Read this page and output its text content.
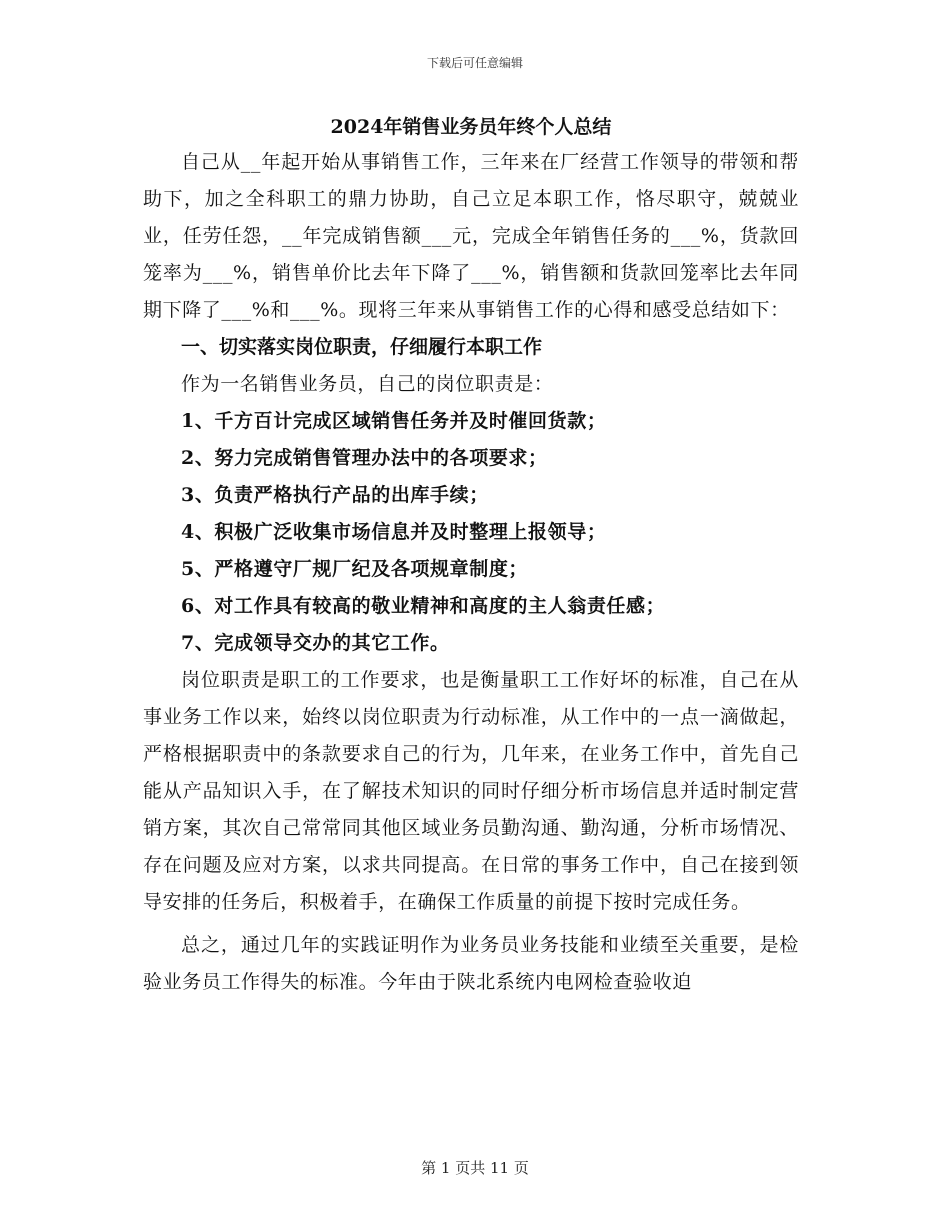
下载后可任意编辑
2024年销售业务员年终个人总结

自己从__年起开始从事销售工作，三年来在厂经营工作领导的带领和帮助下，加之全科职工的鼎力协助，自己立足本职工作，恪尽职守，兢兢业业，任劳任怨，__年完成销售额___元，完成全年销售任务的___%，货款回笼率为___%，销售单价比去年下降了___%，销售额和货款回笼率比去年同期下降了___%和___%。现将三年来从事销售工作的心得和感受总结如下：

一、切实落实岗位职责，仔细履行本职工作

作为一名销售业务员，自己的岗位职责是：

1、千方百计完成区域销售任务并及时催回货款；
2、努力完成销售管理办法中的各项要求；
3、负责严格执行产品的出库手续；
4、积极广泛收集市场信息并及时整理上报领导；
5、严格遵守厂规厂纪及各项规章制度；
6、对工作具有较高的敬业精神和高度的主人翁责任感；
7、完成领导交办的其它工作。

岗位职责是职工的工作要求，也是衡量职工工作好坏的标准，自己在从事业务工作以来，始终以岗位职责为行动标准，从工作中的一点一滴做起，严格根据职责中的条款要求自己的行为，几年来，在业务工作中，首先自己能从产品知识入手，在了解技术知识的同时仔细分析市场信息并适时制定营销方案，其次自己常常同其他区域业务员勤沟通、勤沟通，分析市场情况、存在问题及应对方案，以求共同提高。在日常的事务工作中，自己在接到领导安排的任务后，积极着手，在确保工作质量的前提下按时完成任务。

总之，通过几年的实践证明作为业务员业务技能和业绩至关重要，是检验业务员工作得失的标准。今年由于陕北系统内电网检查验收迫

第 1 页共 11 页
